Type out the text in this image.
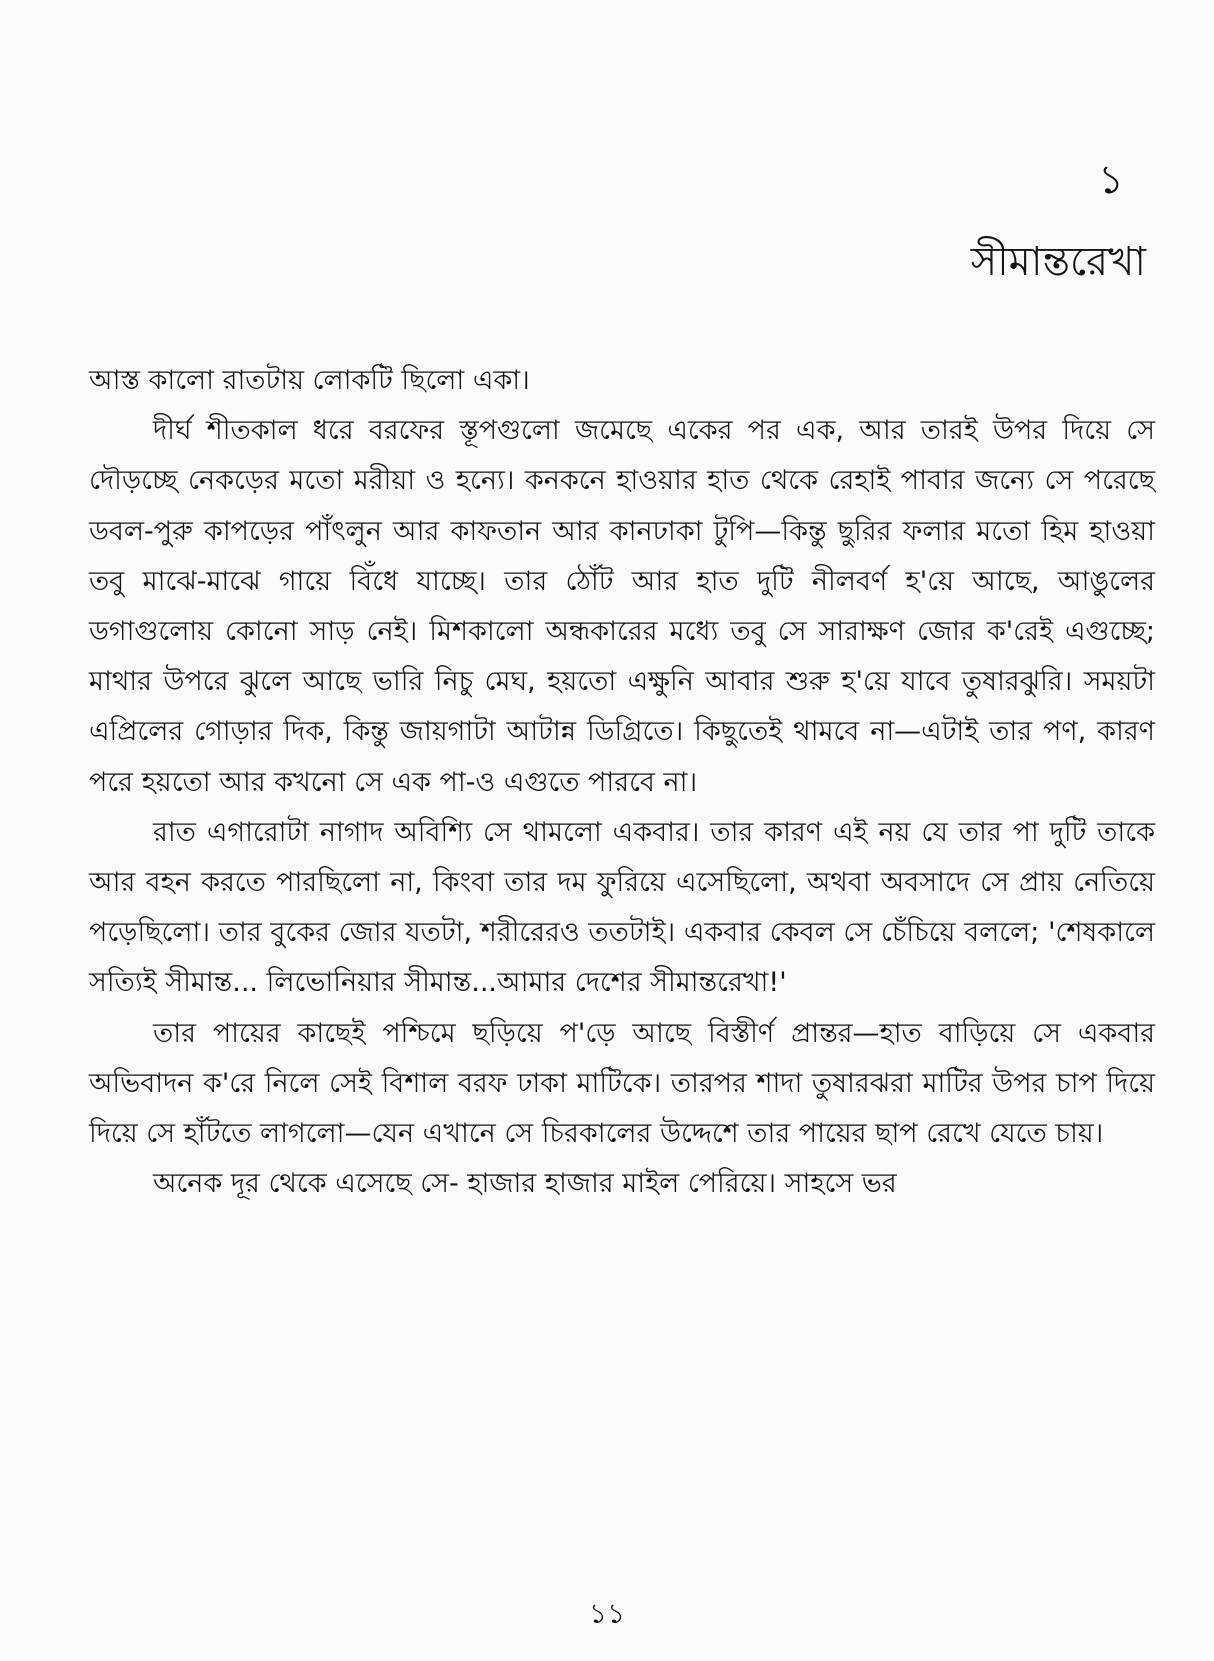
১
সীমান্তরেখা

আস্ত কালো রাতটায় লোকটি ছিলো একা।

দীর্ঘ শীতকাল ধরে বরফের স্তূপগুলো জমেছে একের পর এক, আর তারই উপর দিয়ে সে দৌড়চ্ছে নেকড়ের মতো মরীয়া ও হন্যে। কনকনে হাওয়ার হাত থেকে রেহাই পাবার জন্যে সে পরেছে ডবল-পুরু কাপড়ের পাঁৎলুন আর কাফতান আর কানঢাকা টুপি—কিন্তু ছুরির ফলার মতো হিম হাওয়া তবু মাঝে-মাঝে গায়ে বিঁধে যাচ্ছে। তার ঠোঁট আর হাত দুটি নীলবর্ণ হ'য়ে আছে, আঙুলের ডগাগুলোয় কোনো সাড় নেই। মিশকালো অন্ধকারের মধ্যে তবু সে সারাক্ষণ জোর ক'রেই এগুচ্ছে; মাথার উপরে ঝুলে আছে ভারি নিচু মেঘ, হয়তো এক্ষুনি আবার শুরু হ'য়ে যাবে তুষারঝুরি। সময়টা এপ্রিলের গোড়ার দিক, কিন্তু জায়গাটা আটান্ন ডিগ্রিতে। কিছুতেই থামবে না—এটাই তার পণ, কারণ পরে হয়তো আর কখনো সে এক পা-ও এগুতে পারবে না।

রাত এগারোটা নাগাদ অবিশ্যি সে থামলো একবার। তার কারণ এই নয় যে তার পা দুটি তাকে আর বহন করতে পারছিলো না, কিংবা তার দম ফুরিয়ে এসেছিলো, অথবা অবসাদে সে প্রায় নেতিয়ে পড়েছিলো। তার বুকের জোর যতটা, শরীরেরও ততটাই। একবার কেবল সে চেঁচিয়ে বললে; 'শেষকালে সত্যিই সীমান্ত... লিভোনিয়ার সীমান্ত...আমার দেশের সীমান্তরেখা!'

তার পায়ের কাছেই পশ্চিমে ছড়িয়ে প'ড়ে আছে বিস্তীর্ণ প্রান্তর—হাত বাড়িয়ে সে একবার অভিবাদন ক'রে নিলে সেই বিশাল বরফ ঢাকা মাটিকে। তারপর শাদা তুষারঝরা মাটির উপর চাপ দিয়ে দিয়ে সে হাঁটতে লাগলো—যেন এখানে সে চিরকালের উদ্দেশে তার পায়ের ছাপ রেখে যেতে চায়।

অনেক দূর থেকে এসেছে সে- হাজার হাজার মাইল পেরিয়ে। সাহসে ভর

১১
